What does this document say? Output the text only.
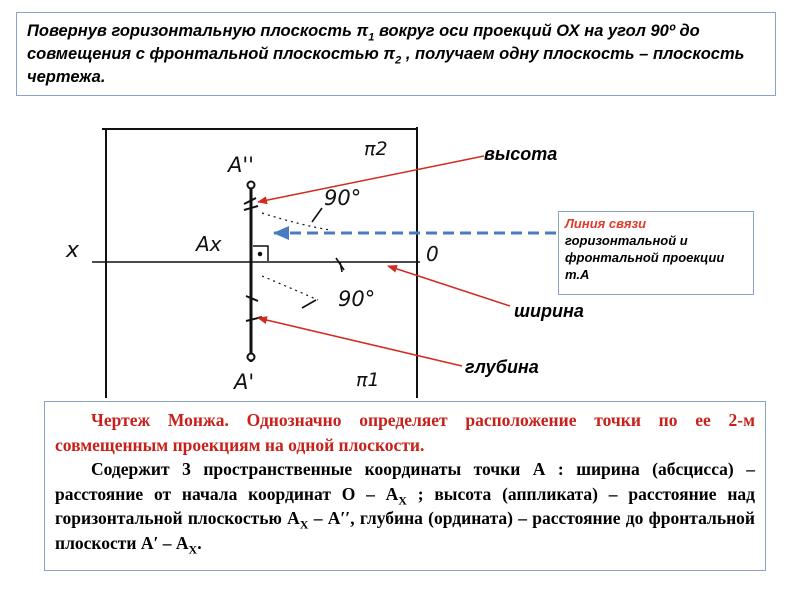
Повернув горизонтальную плоскость $\pi_1$ вокруг оси проекций ОХ на угол 90º до совмещения с фронтальной плоскостью $\pi_2$ , получаем одну плоскость – плоскость чертежа.
A''
π2
x	Ax	0
90°
90°
A'	π1
высота
ширина
глубина
Линия связи
горизонтальной и фронтальной проекции т.А

Чертеж Монжа. Однозначно определяет расположение точки по ее 2-м совмещенным проекциям на одной плоскости.

Содержит 3 пространственные координаты точки А : ширина (абсцисса) – расстояние от начала координат О – $А_X$ ; высота (аппликата) – расстояние над горизонтальной плоскостью $А_X - А''$, глубина (ордината) – расстояние до фронтальной плоскости $А' - А_X$.
